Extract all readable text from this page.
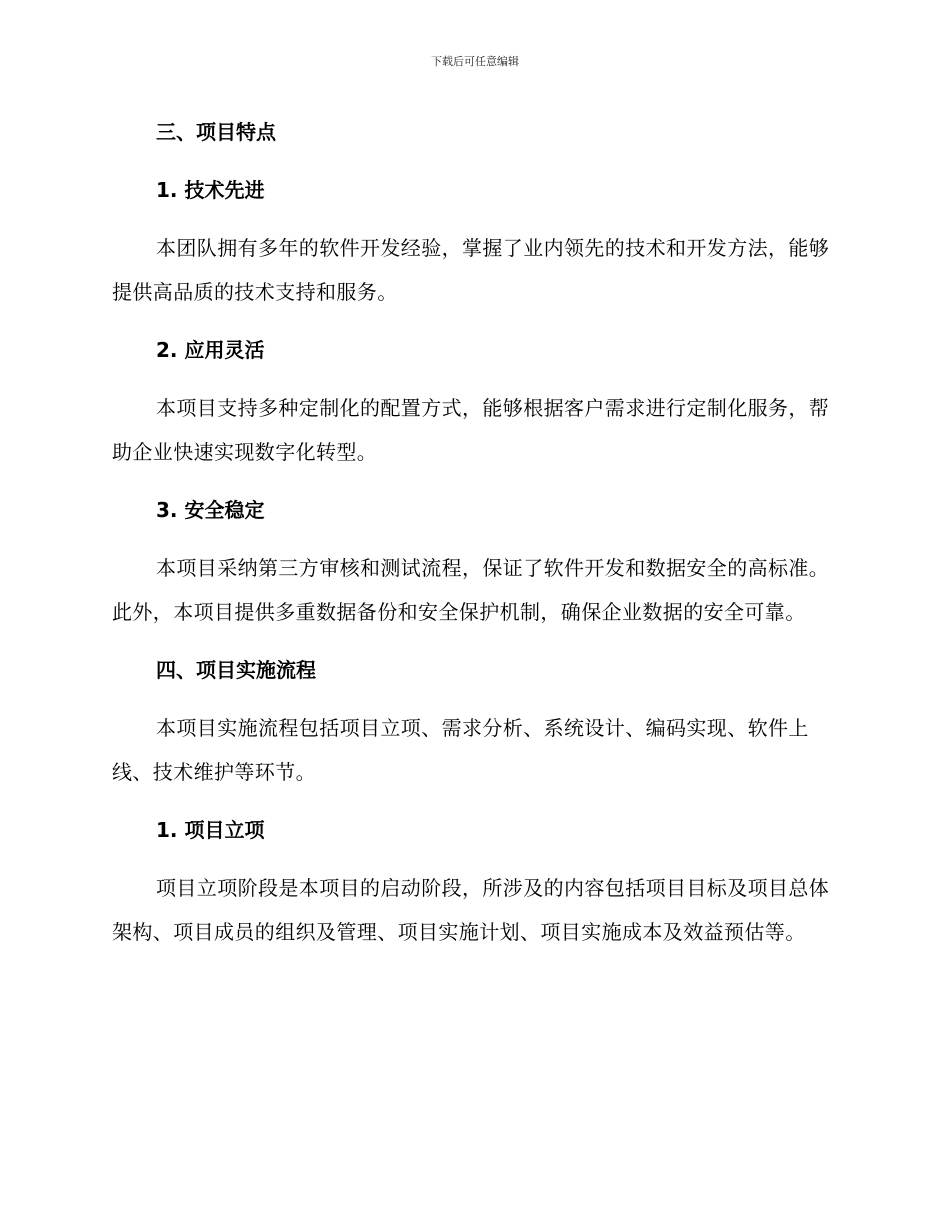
下载后可任意编辑
三、项目特点
1. 技术先进
本团队拥有多年的软件开发经验，掌握了业内领先的技术和开发方法，能够提供高品质的技术支持和服务。
2. 应用灵活
本项目支持多种定制化的配置方式，能够根据客户需求进行定制化服务，帮助企业快速实现数字化转型。
3. 安全稳定
本项目采纳第三方审核和测试流程，保证了软件开发和数据安全的高标准。此外，本项目提供多重数据备份和安全保护机制，确保企业数据的安全可靠。
四、项目实施流程
本项目实施流程包括项目立项、需求分析、系统设计、编码实现、软件上线、技术维护等环节。
1. 项目立项
项目立项阶段是本项目的启动阶段，所涉及的内容包括项目目标及项目总体架构、项目成员的组织及管理、项目实施计划、项目实施成本及效益预估等。
